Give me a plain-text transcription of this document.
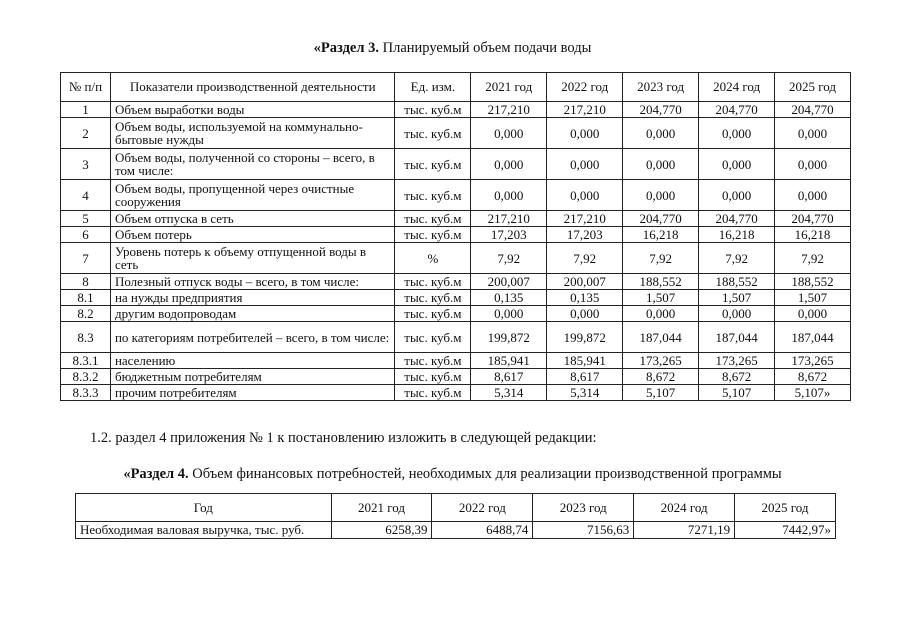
«Раздел 3. Планируемый объем подачи воды
№ п/п	Показатели производственной деятельности	Ед. изм.	2021 год	2022 год	2023 год	2024 год	2025 год
1	Объем выработки воды	тыс. куб.м	217,210	217,210	204,770	204,770	204,770
2	Объем воды, используемой на коммунально-бытовые нужды	тыс. куб.м	0,000	0,000	0,000	0,000	0,000
3	Объем воды, полученной со стороны – всего, в том числе:	тыс. куб.м	0,000	0,000	0,000	0,000	0,000
4	Объем воды, пропущенной через очистные сооружения	тыс. куб.м	0,000	0,000	0,000	0,000	0,000
5	Объем отпуска в сеть	тыс. куб.м	217,210	217,210	204,770	204,770	204,770
6	Объем потерь	тыс. куб.м	17,203	17,203	16,218	16,218	16,218
7	Уровень потерь к объему отпущенной воды в сеть	%	7,92	7,92	7,92	7,92	7,92
8	Полезный отпуск воды – всего, в том числе:	тыс. куб.м	200,007	200,007	188,552	188,552	188,552
8.1	на нужды предприятия	тыс. куб.м	0,135	0,135	1,507	1,507	1,507
8.2	другим водопроводам	тыс. куб.м	0,000	0,000	0,000	0,000	0,000
8.3	по категориям потребителей – всего, в том числе:	тыс. куб.м	199,872	199,872	187,044	187,044	187,044
8.3.1	населению	тыс. куб.м	185,941	185,941	173,265	173,265	173,265
8.3.2	бюджетным потребителям	тыс. куб.м	8,617	8,617	8,672	8,672	8,672
8.3.3	прочим потребителям	тыс. куб.м	5,314	5,314	5,107	5,107	5,107»
1.2. раздел 4 приложения № 1 к постановлению изложить в следующей редакции:
«Раздел 4. Объем финансовых потребностей, необходимых для реализации производственной программы
Год	2021 год	2022 год	2023 год	2024 год	2025 год
Необходимая валовая выручка, тыс. руб.	6258,39	6488,74	7156,63	7271,19	7442,97»
